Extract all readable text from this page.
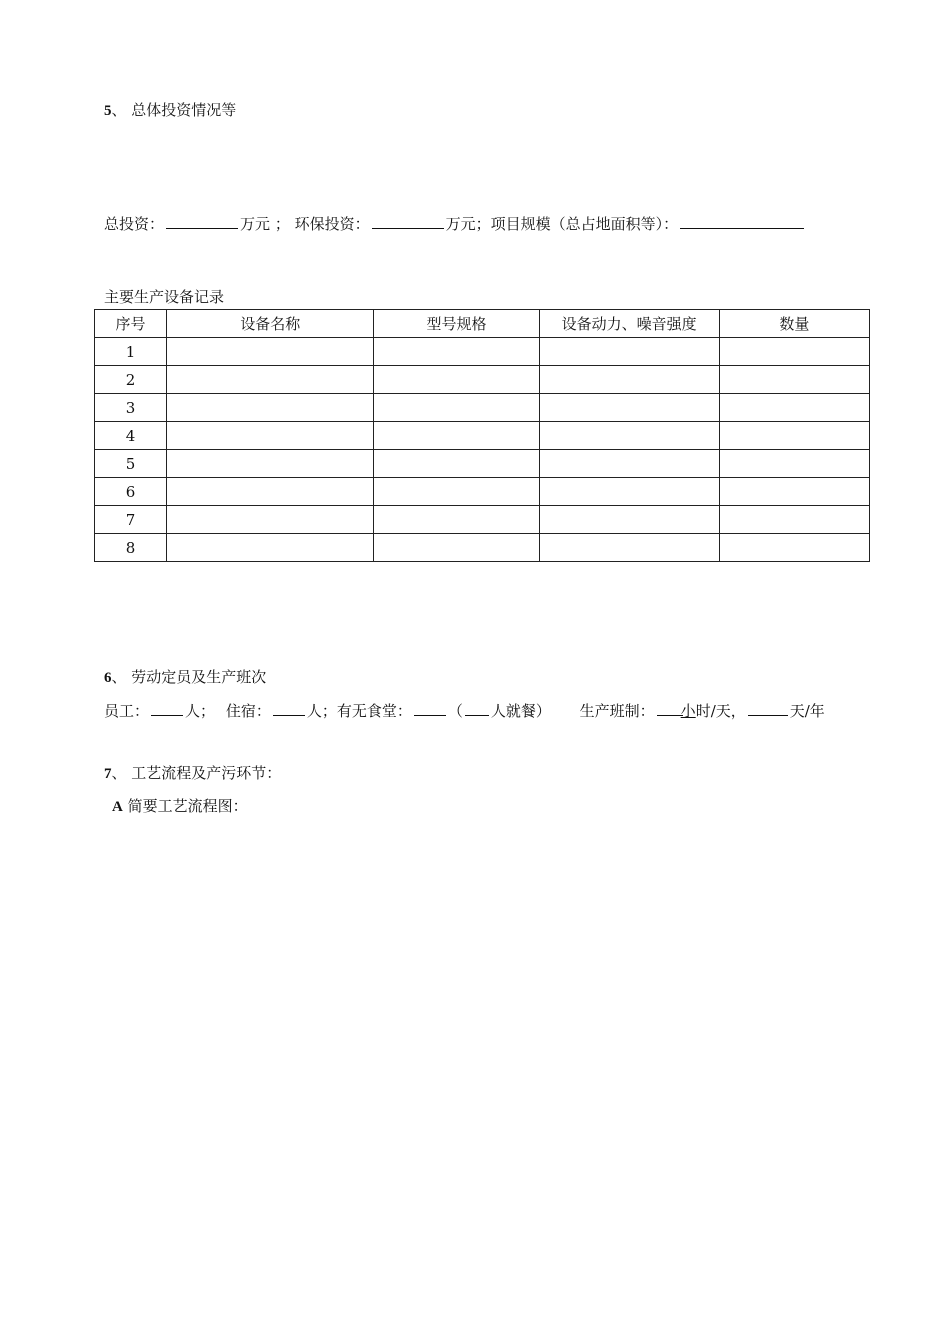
5、 总体投资情况等
总投资：	万元 ； 环保投资：	万元；项目规模（总占地面积等）：
主要生产设备记录
序号	设备名称	型号规格	设备动力、噪音强度	数量
1				
2				
3				
4				
5				
6				
7				
8				
6、 劳动定员及生产班次
员工： 人； 住宿： 人；有无食堂： （ 人就餐） 生产班制： 小时/天，	天/年
7、 工艺流程及产污环节：
A 简要工艺流程图：
